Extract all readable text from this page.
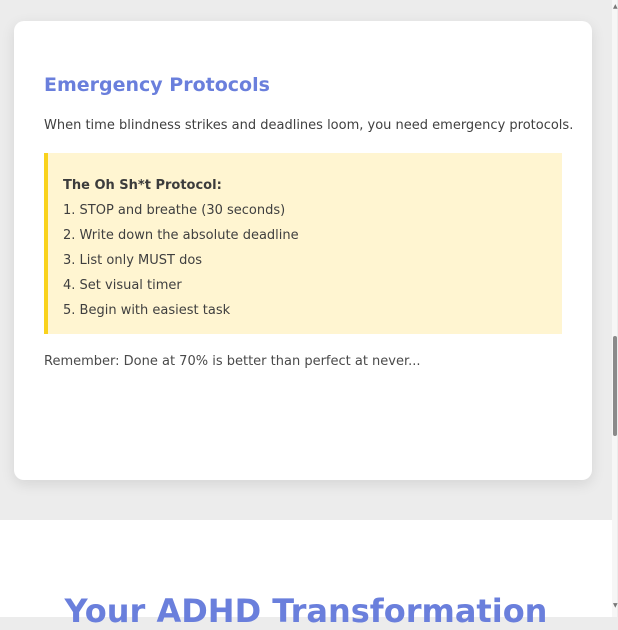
Emergency Protocols

When time blindness strikes and deadlines loom, you need emergency protocols.

The Oh Sh*t Protocol:
1. STOP and breathe (30 seconds)
2. Write down the absolute deadline
3. List only MUST dos
4. Set visual timer
5. Begin with easiest task

Remember: Done at 70% is better than perfect at never...

Your ADHD Transformation
▲
▼
